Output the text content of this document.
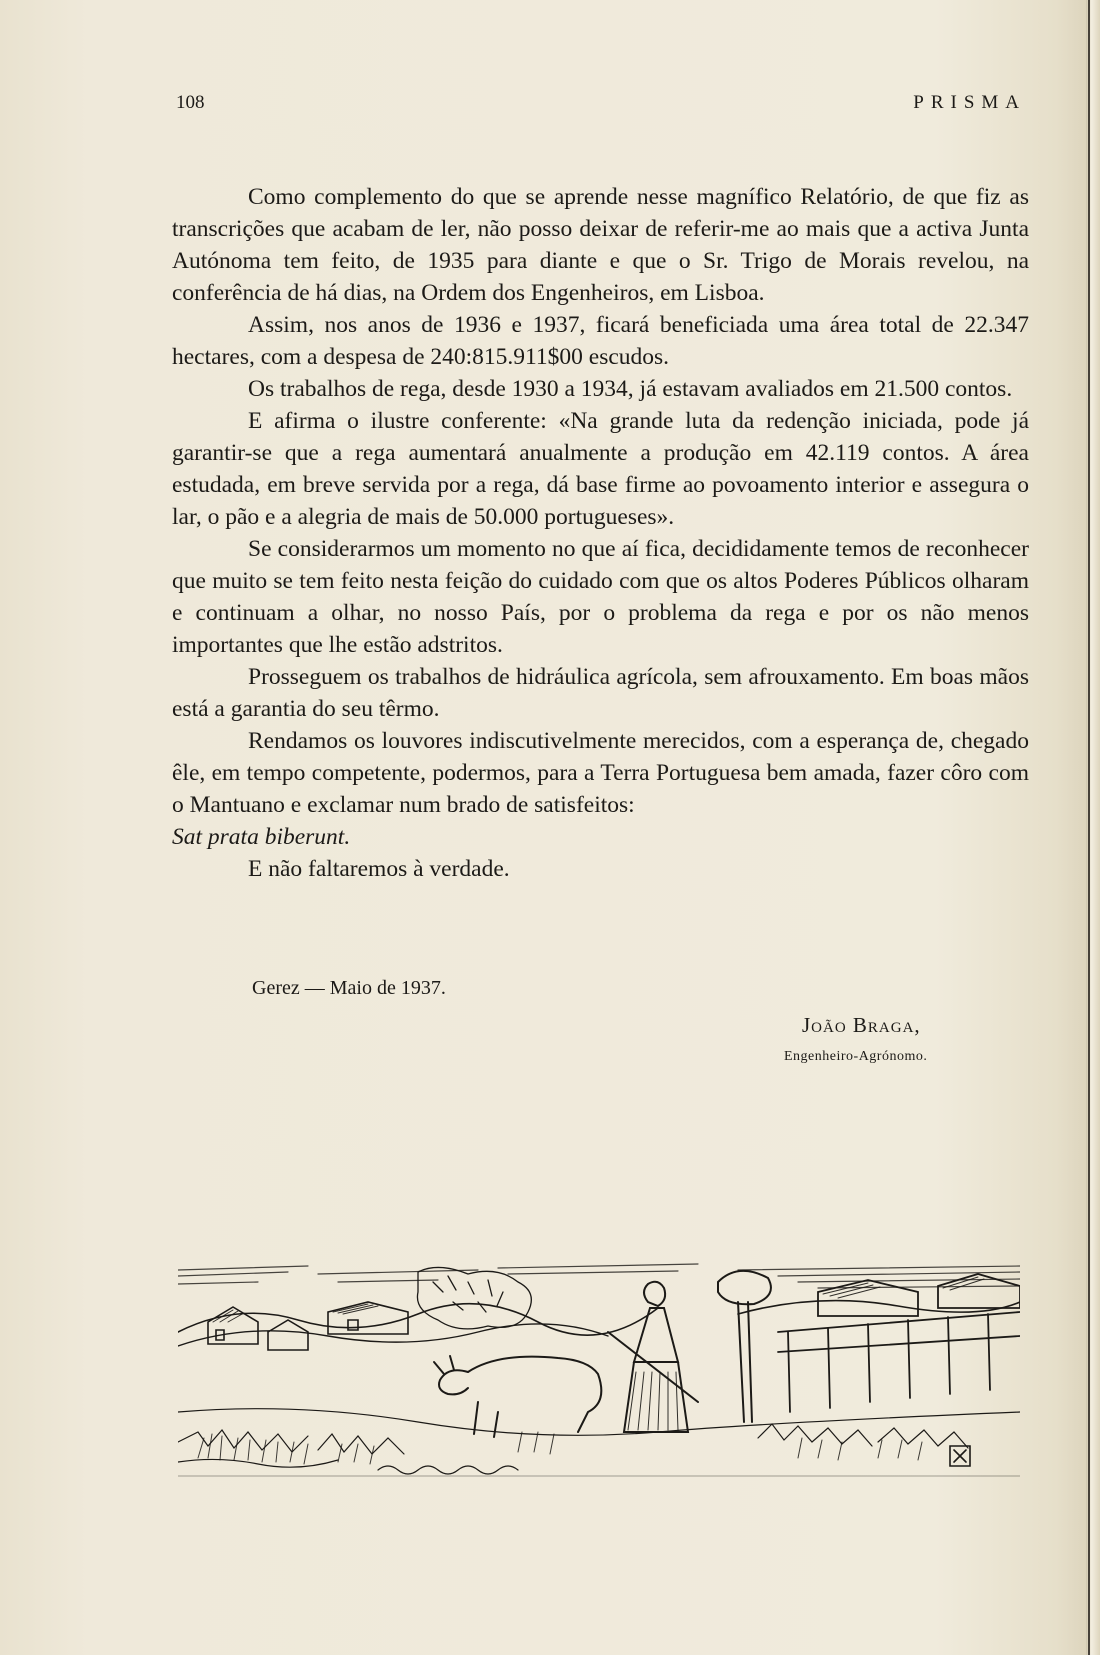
108	PRISMA

Como complemento do que se aprende nesse magnífico Relatório, de que fiz as transcrições que acabam de ler, não posso deixar de referir-me ao mais que a activa Junta Autónoma tem feito, de 1935 para diante e que o Sr. Trigo de Morais revelou, na conferência de há dias, na Ordem dos Engenheiros, em Lisboa.

Assim, nos anos de 1936 e 1937, ficará beneficiada uma área total de 22.347 hectares, com a despesa de 240:815.911$00 escudos.

Os trabalhos de rega, desde 1930 a 1934, já estavam avaliados em 21.500 contos.

E afirma o ilustre conferente: «Na grande luta da redenção iniciada, pode já garantir-se que a rega aumentará anualmente a produção em 42.119 contos. A área estudada, em breve servida por a rega, dá base firme ao povoamento interior e assegura o lar, o pão e a alegria de mais de 50.000 portugueses».

Se considerarmos um momento no que aí fica, decididamente temos de reconhecer que muito se tem feito nesta feição do cuidado com que os altos Poderes Públicos olharam e continuam a olhar, no nosso País, por o problema da rega e por os não menos importantes que lhe estão adstritos.

Prosseguem os trabalhos de hidráulica agrícola, sem afrouxamento. Em boas mãos está a garantia do seu têrmo.

Rendamos os louvores indiscutivelmente merecidos, com a esperança de, chegado êle, em tempo competente, podermos, para a Terra Portuguesa bem amada, fazer côro com o Mantuano e exclamar num brado de satisfeitos:

Sat prata biberunt.

E não faltaremos à verdade.

Gerez — Maio de 1937.
João Braga,
Engenheiro-Agrónomo.
